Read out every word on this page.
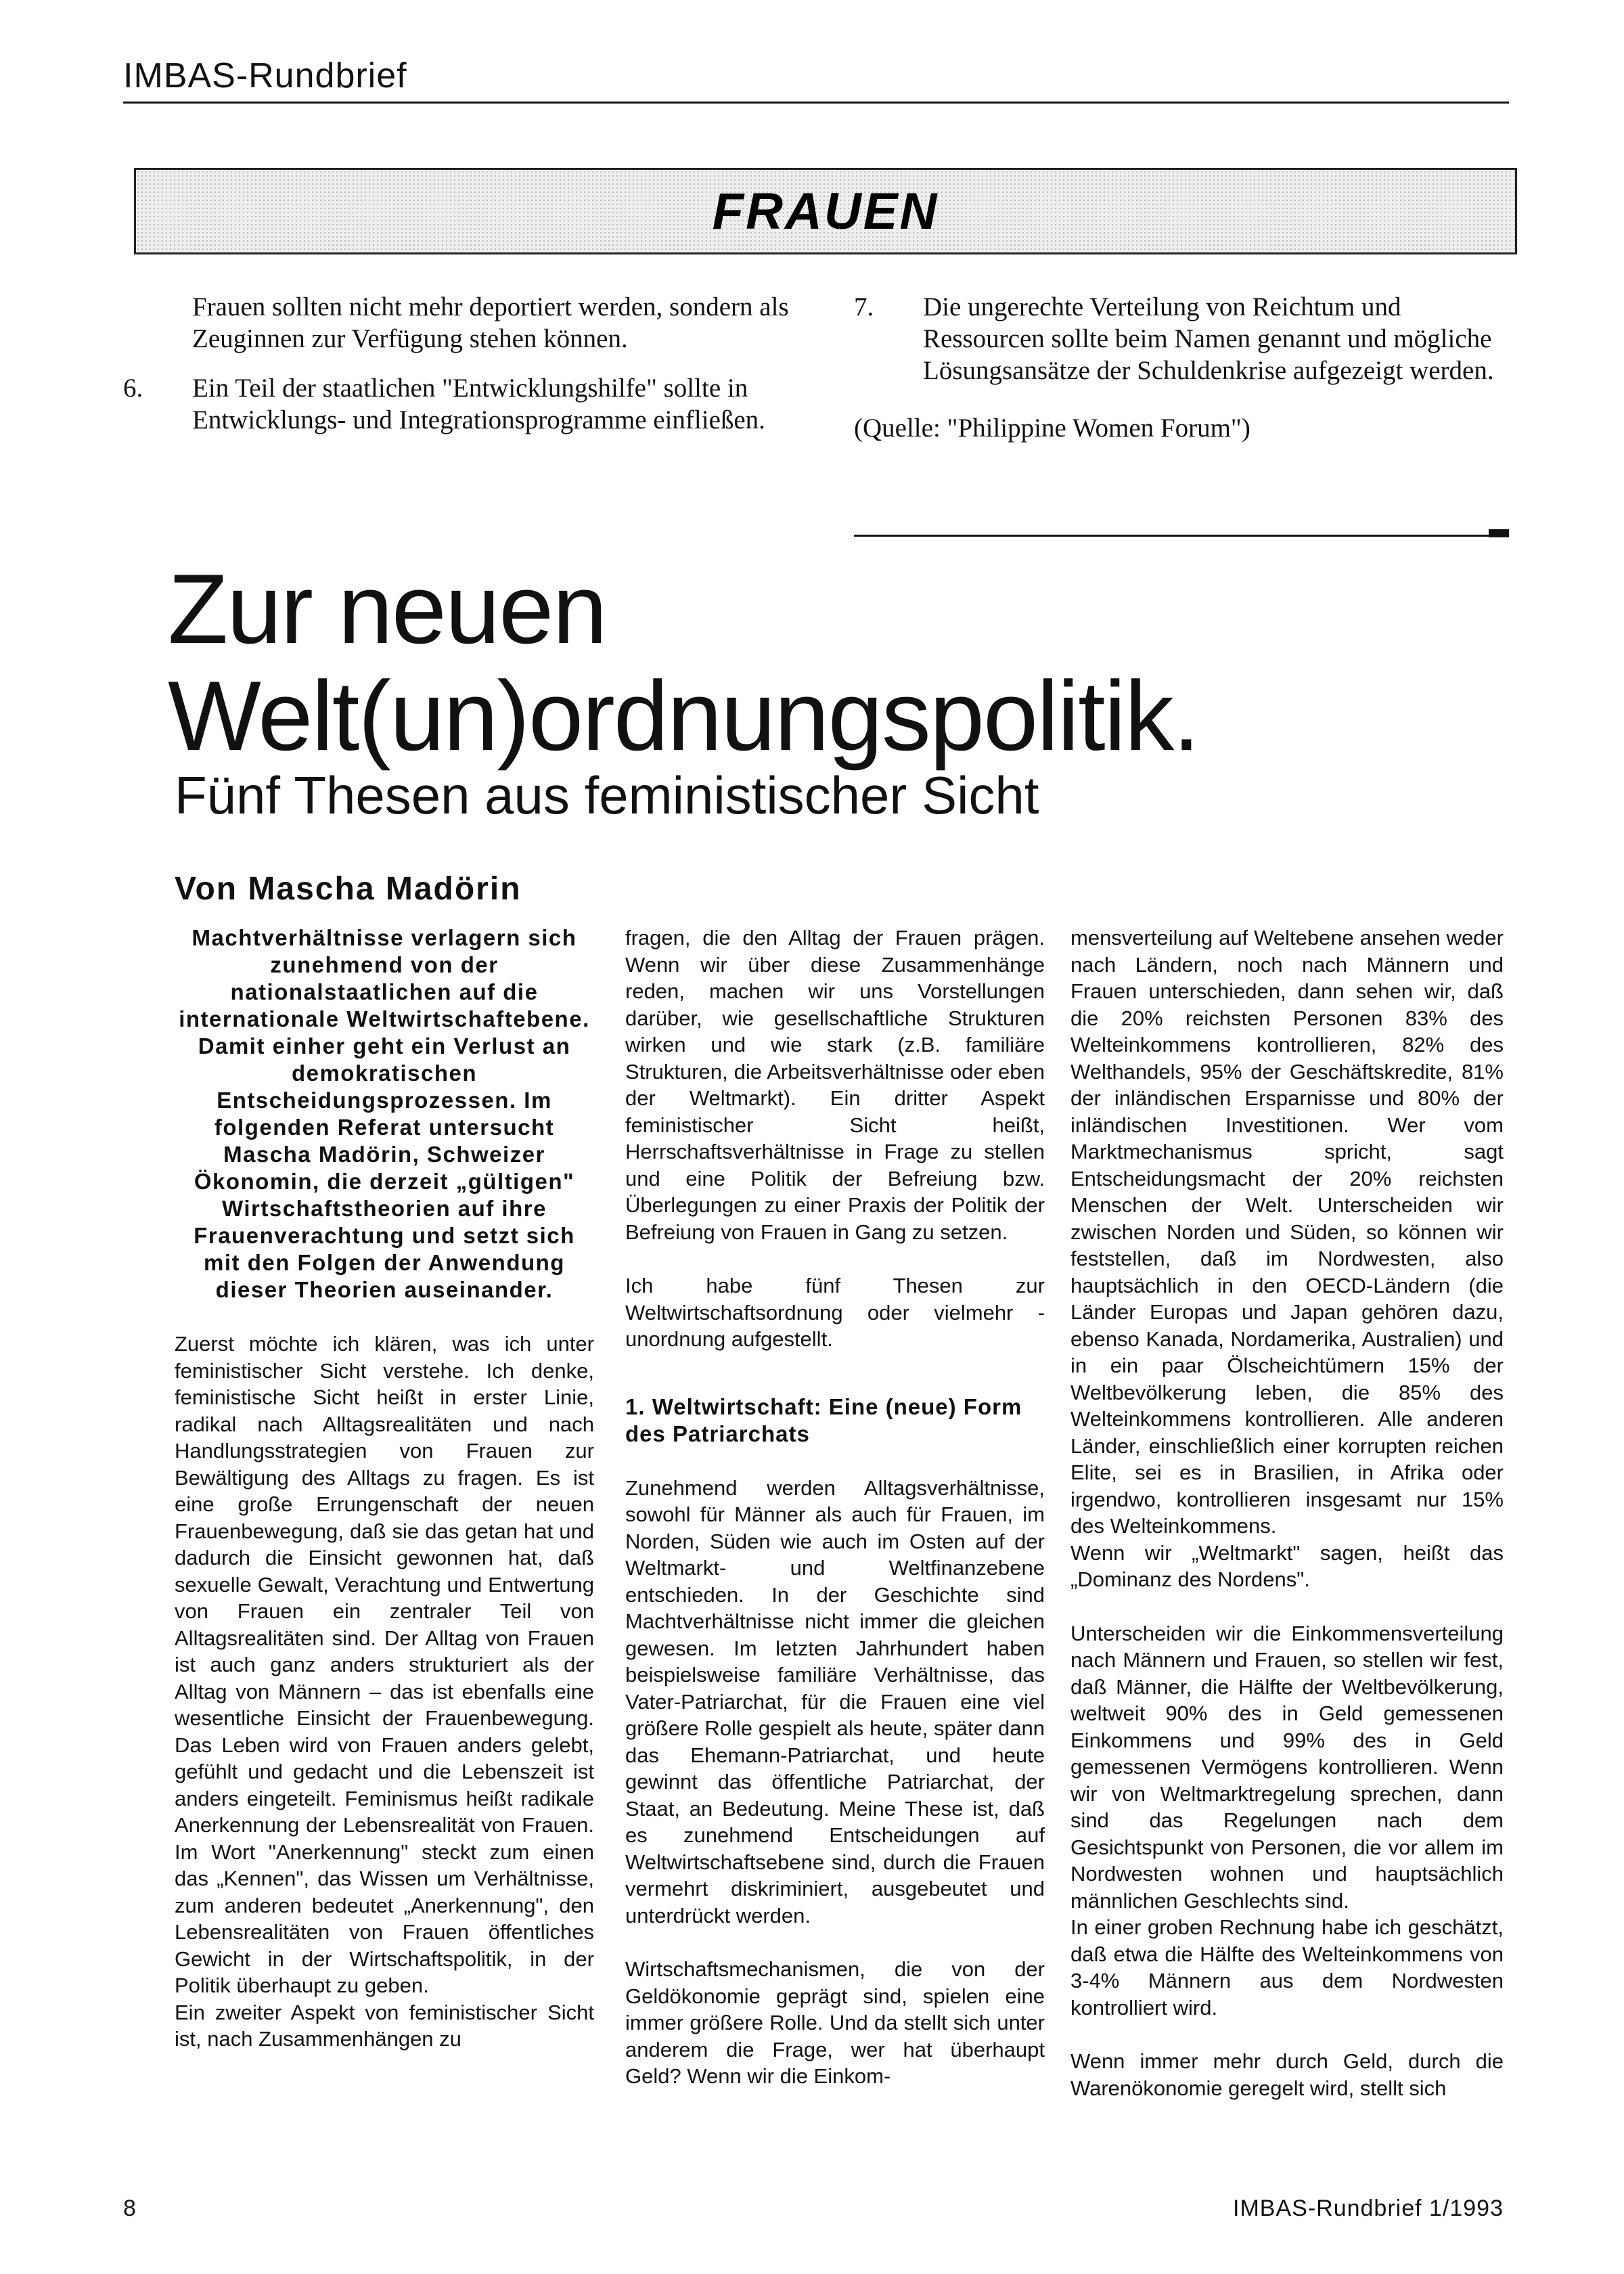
IMBAS-Rundbrief
FRAUEN

Frauen sollten nicht mehr deportiert werden, sondern als Zeuginnen zur Verfügung stehen können.

6. Ein Teil der staatlichen "Entwicklungshilfe" sollte in Entwicklungs- und Integrationsprogramme einfließen.
7. Die ungerechte Verteilung von Reichtum und Ressourcen sollte beim Namen genannt und mögliche Lösungsansätze der Schuldenkrise aufgezeigt werden.

(Quelle: "Philippine Women Forum")

Zur neuen
Welt(un)ordnungspolitik.
Fünf Thesen aus feministischer Sicht
Von Mascha Madörin

Machtverhältnisse verlagern sich zunehmend von der nationalstaatlichen auf die internationale Weltwirtschaftebene. Damit einher geht ein Verlust an demokratischen Entscheidungsprozessen. Im folgenden Referat untersucht Mascha Madörin, Schweizer Ökonomin, die derzeit „gültigen" Wirtschaftstheorien auf ihre Frauenverachtung und setzt sich mit den Folgen der Anwendung dieser Theorien auseinander.

Zuerst möchte ich klären, was ich unter feministischer Sicht verstehe. Ich denke, feministische Sicht heißt in erster Linie, radikal nach Alltagsrealitäten und nach Handlungsstrategien von Frauen zur Bewältigung des Alltags zu fragen. Es ist eine große Errungenschaft der neuen Frauenbewegung, daß sie das getan hat und dadurch die Einsicht gewonnen hat, daß sexuelle Gewalt, Verachtung und Entwertung von Frauen ein zentraler Teil von Alltagsrealitäten sind. Der Alltag von Frauen ist auch ganz anders strukturiert als der Alltag von Männern – das ist ebenfalls eine wesentliche Einsicht der Frauenbewegung. Das Leben wird von Frauen anders gelebt, gefühlt und gedacht und die Lebenszeit ist anders eingeteilt. Feminismus heißt radikale Anerkennung der Lebensrealität von Frauen. Im Wort "Anerkennung" steckt zum einen das „Kennen", das Wissen um Verhältnisse, zum anderen bedeutet „Anerkennung", den Lebensrealitäten von Frauen öffentliches Gewicht in der Wirtschaftspolitik, in der Politik überhaupt zu geben.

Ein zweiter Aspekt von feministischer Sicht ist, nach Zusammenhängen zu

fragen, die den Alltag der Frauen prägen. Wenn wir über diese Zusammenhänge reden, machen wir uns Vorstellungen darüber, wie gesellschaftliche Strukturen wirken und wie stark (z.B. familiäre Strukturen, die Arbeitsverhältnisse oder eben der Weltmarkt). Ein dritter Aspekt feministischer Sicht heißt, Herrschaftsverhältnisse in Frage zu stellen und eine Politik der Befreiung bzw. Überlegungen zu einer Praxis der Politik der Befreiung von Frauen in Gang zu setzen.

Ich habe fünf Thesen zur Weltwirtschaftsordnung oder vielmehr -unordnung aufgestellt.

1. Weltwirtschaft: Eine (neue) Form des Patriarchats

Zunehmend werden Alltagsverhältnisse, sowohl für Männer als auch für Frauen, im Norden, Süden wie auch im Osten auf der Weltmarkt- und Weltfinanzebene entschieden. In der Geschichte sind Machtverhältnisse nicht immer die gleichen gewesen. Im letzten Jahrhundert haben beispielsweise familiäre Verhältnisse, das Vater-Patriarchat, für die Frauen eine viel größere Rolle gespielt als heute, später dann das Ehemann-Patriarchat, und heute gewinnt das öffentliche Patriarchat, der Staat, an Bedeutung. Meine These ist, daß es zunehmend Entscheidungen auf Weltwirtschaftsebene sind, durch die Frauen vermehrt diskriminiert, ausgebeutet und unterdrückt werden.

Wirtschaftsmechanismen, die von der Geldökonomie geprägt sind, spielen eine immer größere Rolle. Und da stellt sich unter anderem die Frage, wer hat überhaupt Geld? Wenn wir die Einkom-

mensverteilung auf Weltebene ansehen weder nach Ländern, noch nach Männern und Frauen unterschieden, dann sehen wir, daß die 20% reichsten Personen 83% des Welteinkommens kontrollieren, 82% des Welthandels, 95% der Geschäftskredite, 81% der inländischen Ersparnisse und 80% der inländischen Investitionen. Wer vom Marktmechanismus spricht, sagt Entscheidungsmacht der 20% reichsten Menschen der Welt. Unterscheiden wir zwischen Norden und Süden, so können wir feststellen, daß im Nordwesten, also hauptsächlich in den OECD-Ländern (die Länder Europas und Japan gehören dazu, ebenso Kanada, Nordamerika, Australien) und in ein paar Ölscheichtümern 15% der Weltbevölkerung leben, die 85% des Welteinkommens kontrollieren. Alle anderen Länder, einschließlich einer korrupten reichen Elite, sei es in Brasilien, in Afrika oder irgendwo, kontrollieren insgesamt nur 15% des Welteinkommens.

Wenn wir „Weltmarkt" sagen, heißt das „Dominanz des Nordens".

Unterscheiden wir die Einkommensverteilung nach Männern und Frauen, so stellen wir fest, daß Männer, die Hälfte der Weltbevölkerung, weltweit 90% des in Geld gemessenen Einkommens und 99% des in Geld gemessenen Vermögens kontrollieren. Wenn wir von Weltmarktregelung sprechen, dann sind das Regelungen nach dem Gesichtspunkt von Personen, die vor allem im Nordwesten wohnen und hauptsächlich männlichen Geschlechts sind.

In einer groben Rechnung habe ich geschätzt, daß etwa die Hälfte des Welteinkommens von 3-4% Männern aus dem Nordwesten kontrolliert wird.

Wenn immer mehr durch Geld, durch die Warenökonomie geregelt wird, stellt sich

8	IMBAS-Rundbrief 1/1993
